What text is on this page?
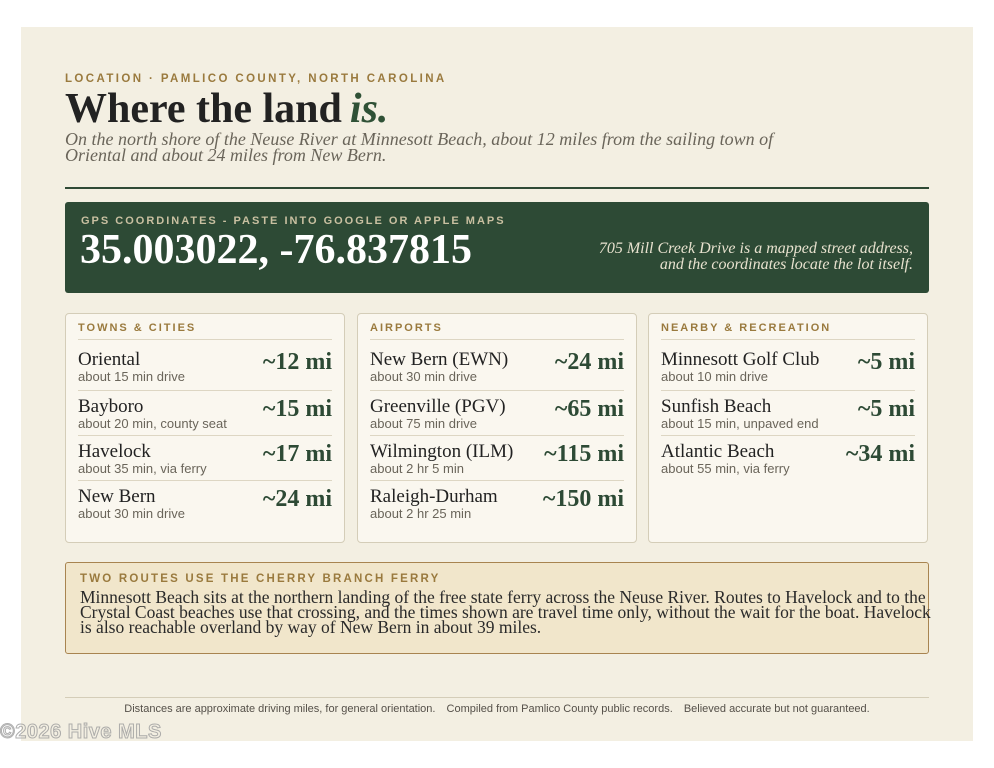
LOCATION · PAMLICO COUNTY, NORTH CAROLINA
Where the land is.
On the north shore of the Neuse River at Minnesott Beach, about 12 miles from the sailing town of Oriental and about 24 miles from New Bern.
GPS COORDINATES - PASTE INTO GOOGLE OR APPLE MAPS
35.003022, -76.837815	705 Mill Creek Drive is a mapped street address, and the coordinates locate the lot itself.
TOWNS & CITIES
Oriental
about 15 min drive
~12 mi
Bayboro
about 20 min, county seat
~15 mi
Havelock
about 35 min, via ferry
~17 mi
New Bern
about 30 min drive
~24 mi
AIRPORTS
New Bern (EWN)
about 30 min drive
~24 mi
Greenville (PGV)
about 75 min drive
~65 mi
Wilmington (ILM)
about 2 hr 5 min
~115 mi
Raleigh-Durham
about 2 hr 25 min
~150 mi
NEARBY & RECREATION
Minnesott Golf Club
about 10 min drive
~5 mi
Sunfish Beach
about 15 min, unpaved end
~5 mi
Atlantic Beach
about 55 min, via ferry
~34 mi
TWO ROUTES USE THE CHERRY BRANCH FERRY
Minnesott Beach sits at the northern landing of the free state ferry across the Neuse River. Routes to Havelock and to the Crystal Coast beaches use that crossing, and the times shown are travel time only, without the wait for the boat. Havelock is also reachable overland by way of New Bern in about 39 miles.
Distances are approximate driving miles, for general orientation. Compiled from Pamlico County public records. Believed accurate but not guaranteed.
©2026 Hive MLS
